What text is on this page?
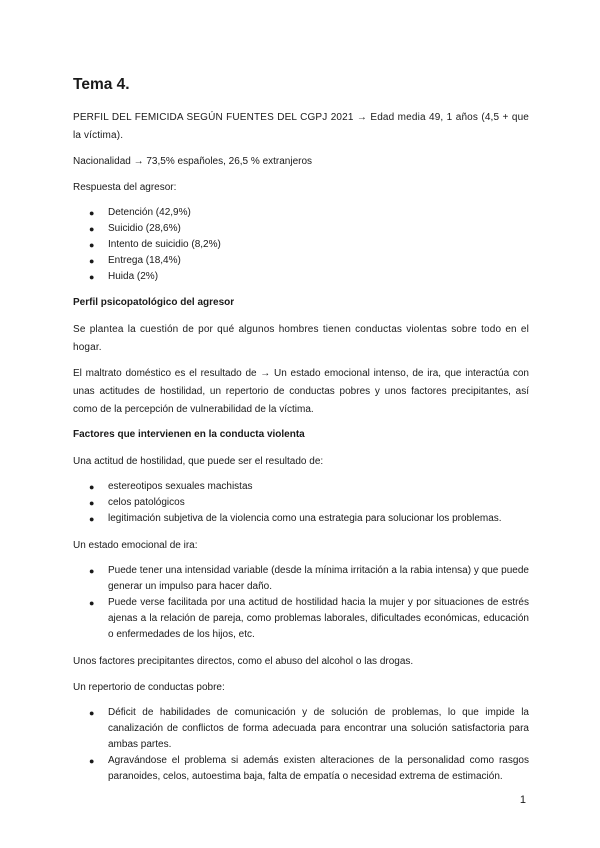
Tema 4.

PERFIL DEL FEMICIDA SEGÚN FUENTES DEL CGPJ 2021 → Edad media 49, 1 años (4,5 + que la víctima).

Nacionalidad → 73,5% españoles, 26,5 % extranjeros

Respuesta del agresor:

● Detención (42,9%)
● Suicidio (28,6%)
● Intento de suicidio (8,2%)
● Entrega (18,4%)
● Huida (2%)
Perfil psicopatológico del agresor

Se plantea la cuestión de por qué algunos hombres tienen conductas violentas sobre todo en el hogar.

El maltrato doméstico es el resultado de → Un estado emocional intenso, de ira, que interactúa con unas actitudes de hostilidad, un repertorio de conductas pobres y unos factores precipitantes, así como de la percepción de vulnerabilidad de la víctima.

Factores que intervienen en la conducta violenta

Una actitud de hostilidad, que puede ser el resultado de:

● estereotipos sexuales machistas
● celos patológicos
● legitimación subjetiva de la violencia como una estrategia para solucionar los problemas.

Un estado emocional de ira:

● Puede tener una intensidad variable (desde la mínima irritación a la rabia intensa) y que puede generar un impulso para hacer daño.
● Puede verse facilitada por una actitud de hostilidad hacia la mujer y por situaciones de estrés ajenas a la relación de pareja, como problemas laborales, dificultades económicas, educación o enfermedades de los hijos, etc.

Unos factores precipitantes directos, como el abuso del alcohol o las drogas.

Un repertorio de conductas pobre:

● Déficit de habilidades de comunicación y de solución de problemas, lo que impide la canalización de conflictos de forma adecuada para encontrar una solución satisfactoria para ambas partes.
● Agravándose el problema si además existen alteraciones de la personalidad como rasgos paranoides, celos, autoestima baja, falta de empatía o necesidad extrema de estimación.
1
